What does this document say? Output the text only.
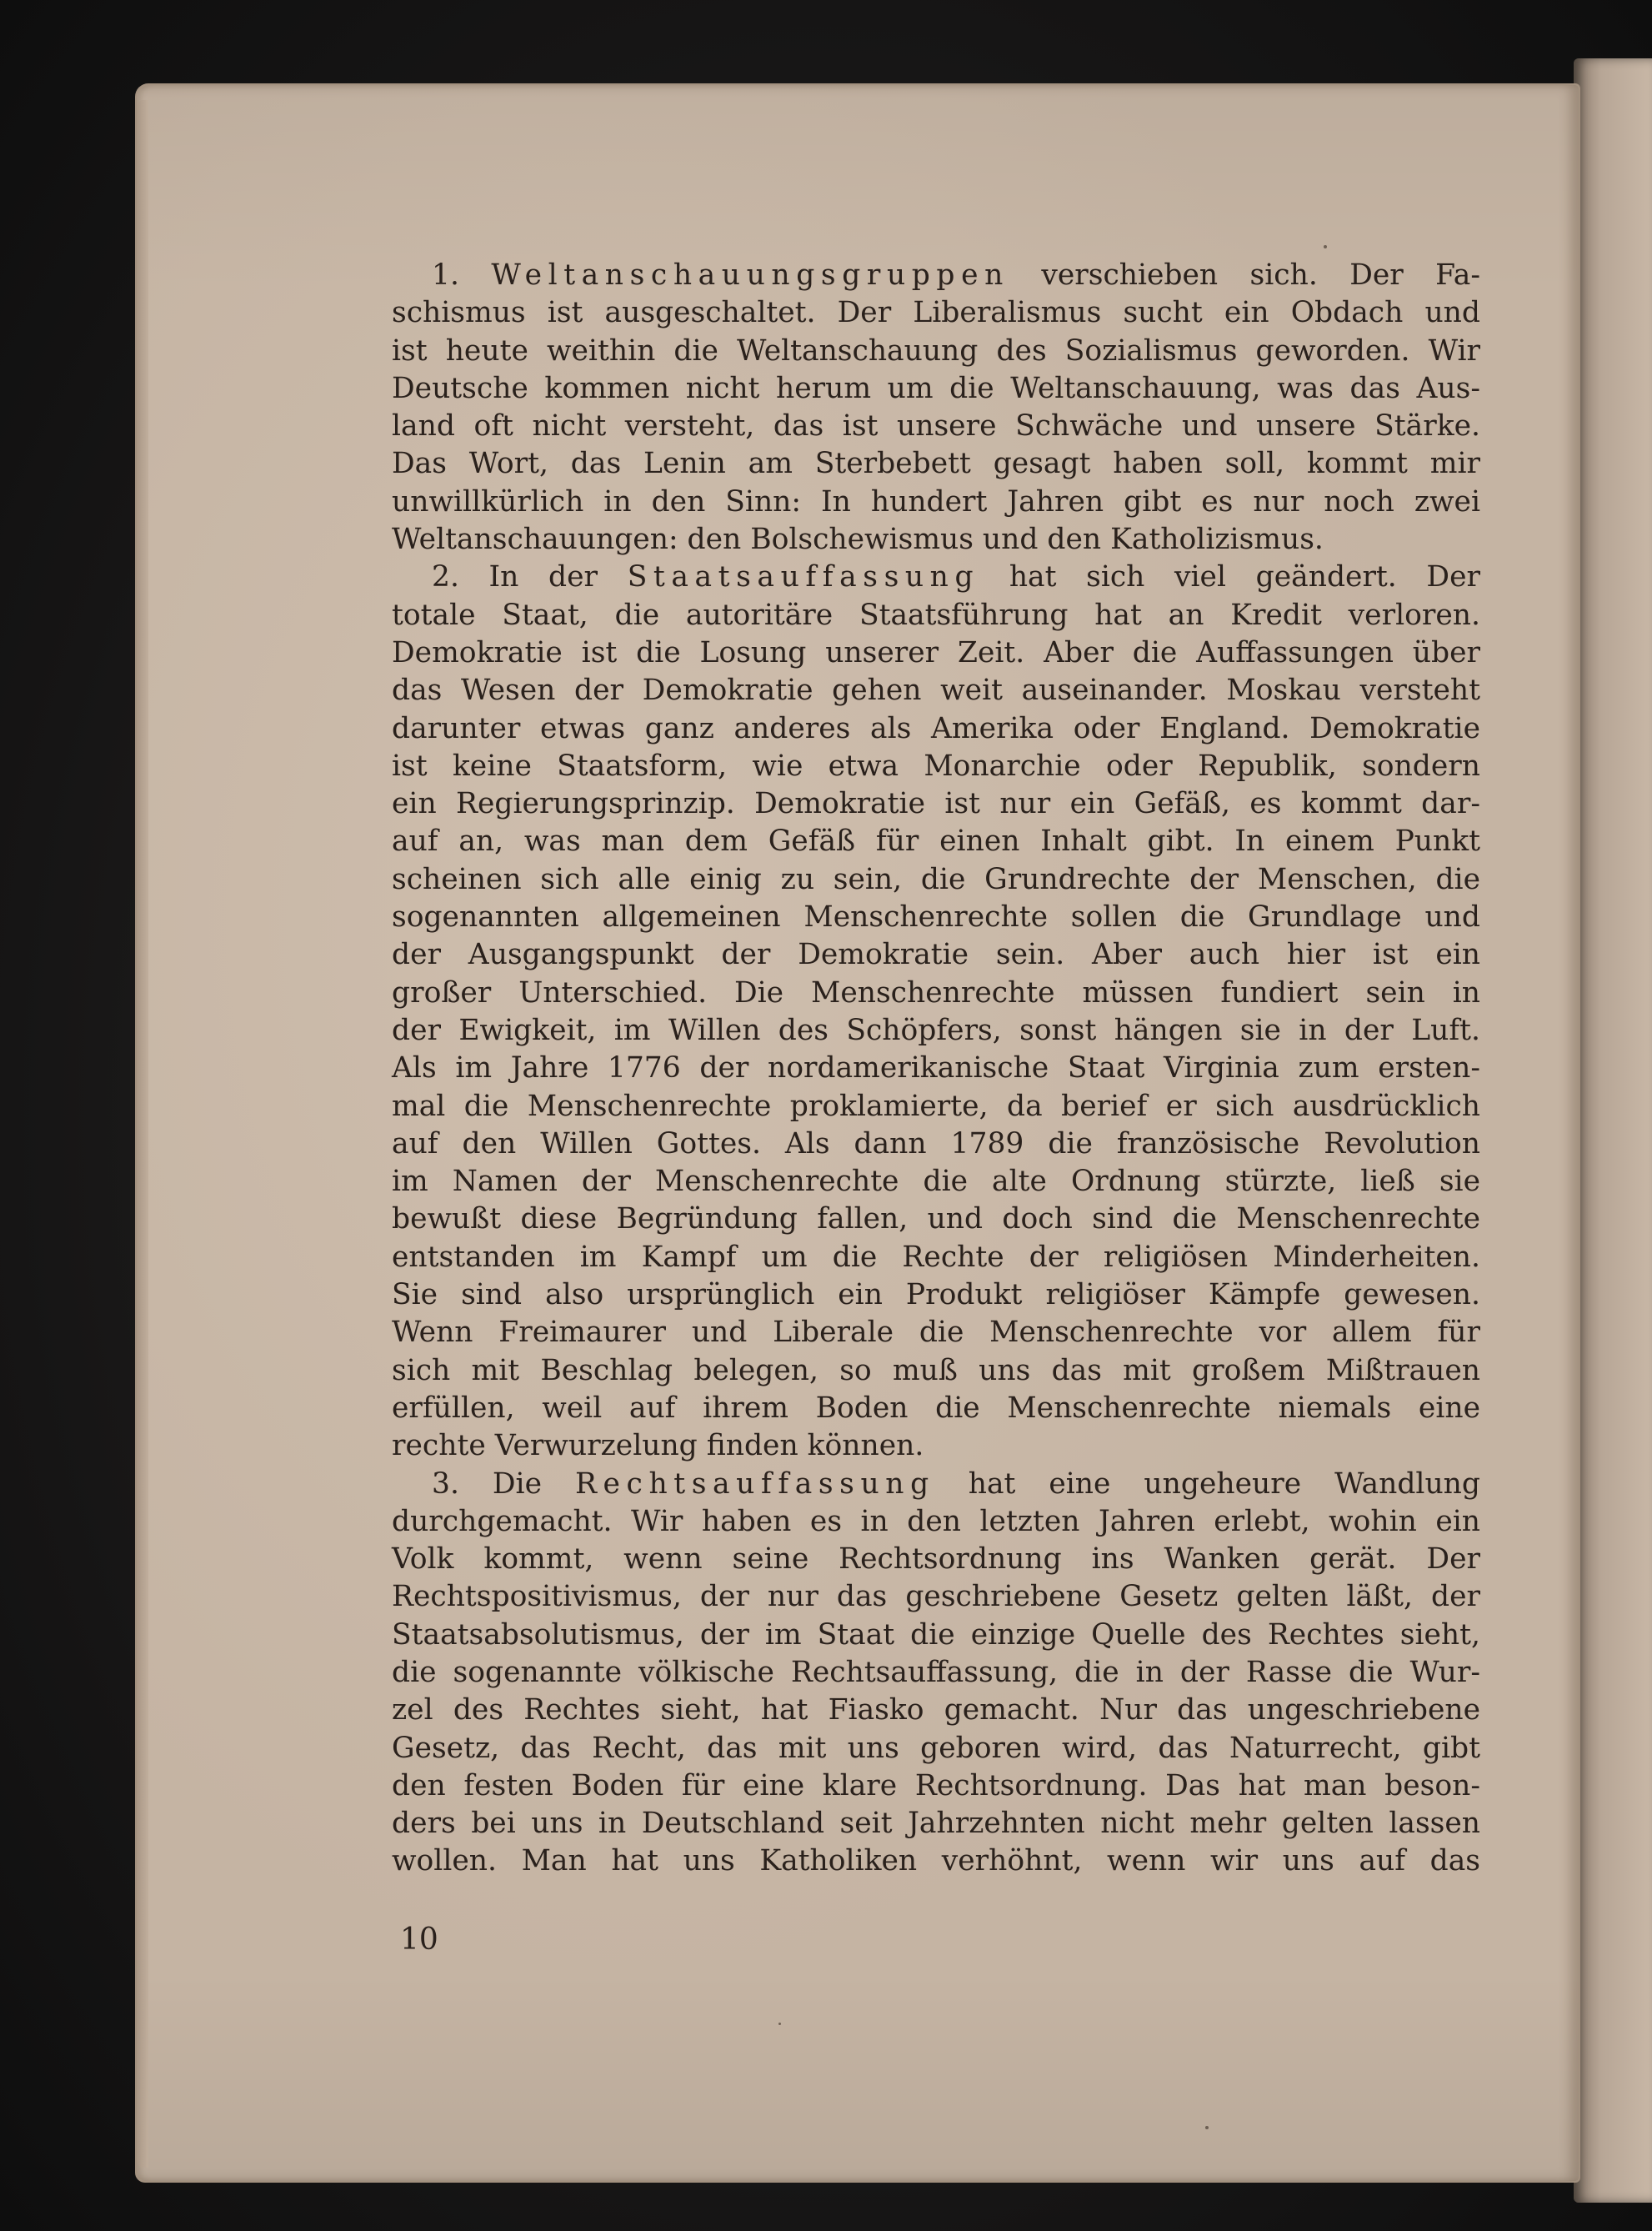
1. Weltanschauungsgruppen verschieben sich. Der Fa-
schismus ist ausgeschaltet. Der Liberalismus sucht ein Obdach und
ist heute weithin die Weltanschauung des Sozialismus geworden. Wir
Deutsche kommen nicht herum um die Weltanschauung, was das Aus-
land oft nicht versteht, das ist unsere Schwäche und unsere Stärke.
Das Wort, das Lenin am Sterbebett gesagt haben soll, kommt mir
unwillkürlich in den Sinn: In hundert Jahren gibt es nur noch zwei
Weltanschauungen: den Bolschewismus und den Katholizismus.
2. In der Staatsauffassung hat sich viel geändert. Der
totale Staat, die autoritäre Staatsführung hat an Kredit verloren.
Demokratie ist die Losung unserer Zeit. Aber die Auffassungen über
das Wesen der Demokratie gehen weit auseinander. Moskau versteht
darunter etwas ganz anderes als Amerika oder England. Demokratie
ist keine Staatsform, wie etwa Monarchie oder Republik, sondern
ein Regierungsprinzip. Demokratie ist nur ein Gefäß, es kommt dar-
auf an, was man dem Gefäß für einen Inhalt gibt. In einem Punkt
scheinen sich alle einig zu sein, die Grundrechte der Menschen, die
sogenannten allgemeinen Menschenrechte sollen die Grundlage und
der Ausgangspunkt der Demokratie sein. Aber auch hier ist ein
großer Unterschied. Die Menschenrechte müssen fundiert sein in
der Ewigkeit, im Willen des Schöpfers, sonst hängen sie in der Luft.
Als im Jahre 1776 der nordamerikanische Staat Virginia zum ersten-
mal die Menschenrechte proklamierte, da berief er sich ausdrücklich
auf den Willen Gottes. Als dann 1789 die französische Revolution
im Namen der Menschenrechte die alte Ordnung stürzte, ließ sie
bewußt diese Begründung fallen, und doch sind die Menschenrechte
entstanden im Kampf um die Rechte der religiösen Minderheiten.
Sie sind also ursprünglich ein Produkt religiöser Kämpfe gewesen.
Wenn Freimaurer und Liberale die Menschenrechte vor allem für
sich mit Beschlag belegen, so muß uns das mit großem Mißtrauen
erfüllen, weil auf ihrem Boden die Menschenrechte niemals eine
rechte Verwurzelung finden können.
3. Die Rechtsauffassung hat eine ungeheure Wandlung
durchgemacht. Wir haben es in den letzten Jahren erlebt, wohin ein
Volk kommt, wenn seine Rechtsordnung ins Wanken gerät. Der
Rechtspositivismus, der nur das geschriebene Gesetz gelten läßt, der
Staatsabsolutismus, der im Staat die einzige Quelle des Rechtes sieht,
die sogenannte völkische Rechtsauffassung, die in der Rasse die Wur-
zel des Rechtes sieht, hat Fiasko gemacht. Nur das ungeschriebene
Gesetz, das Recht, das mit uns geboren wird, das Naturrecht, gibt
den festen Boden für eine klare Rechtsordnung. Das hat man beson-
ders bei uns in Deutschland seit Jahrzehnten nicht mehr gelten lassen
wollen. Man hat uns Katholiken verhöhnt, wenn wir uns auf das
10
